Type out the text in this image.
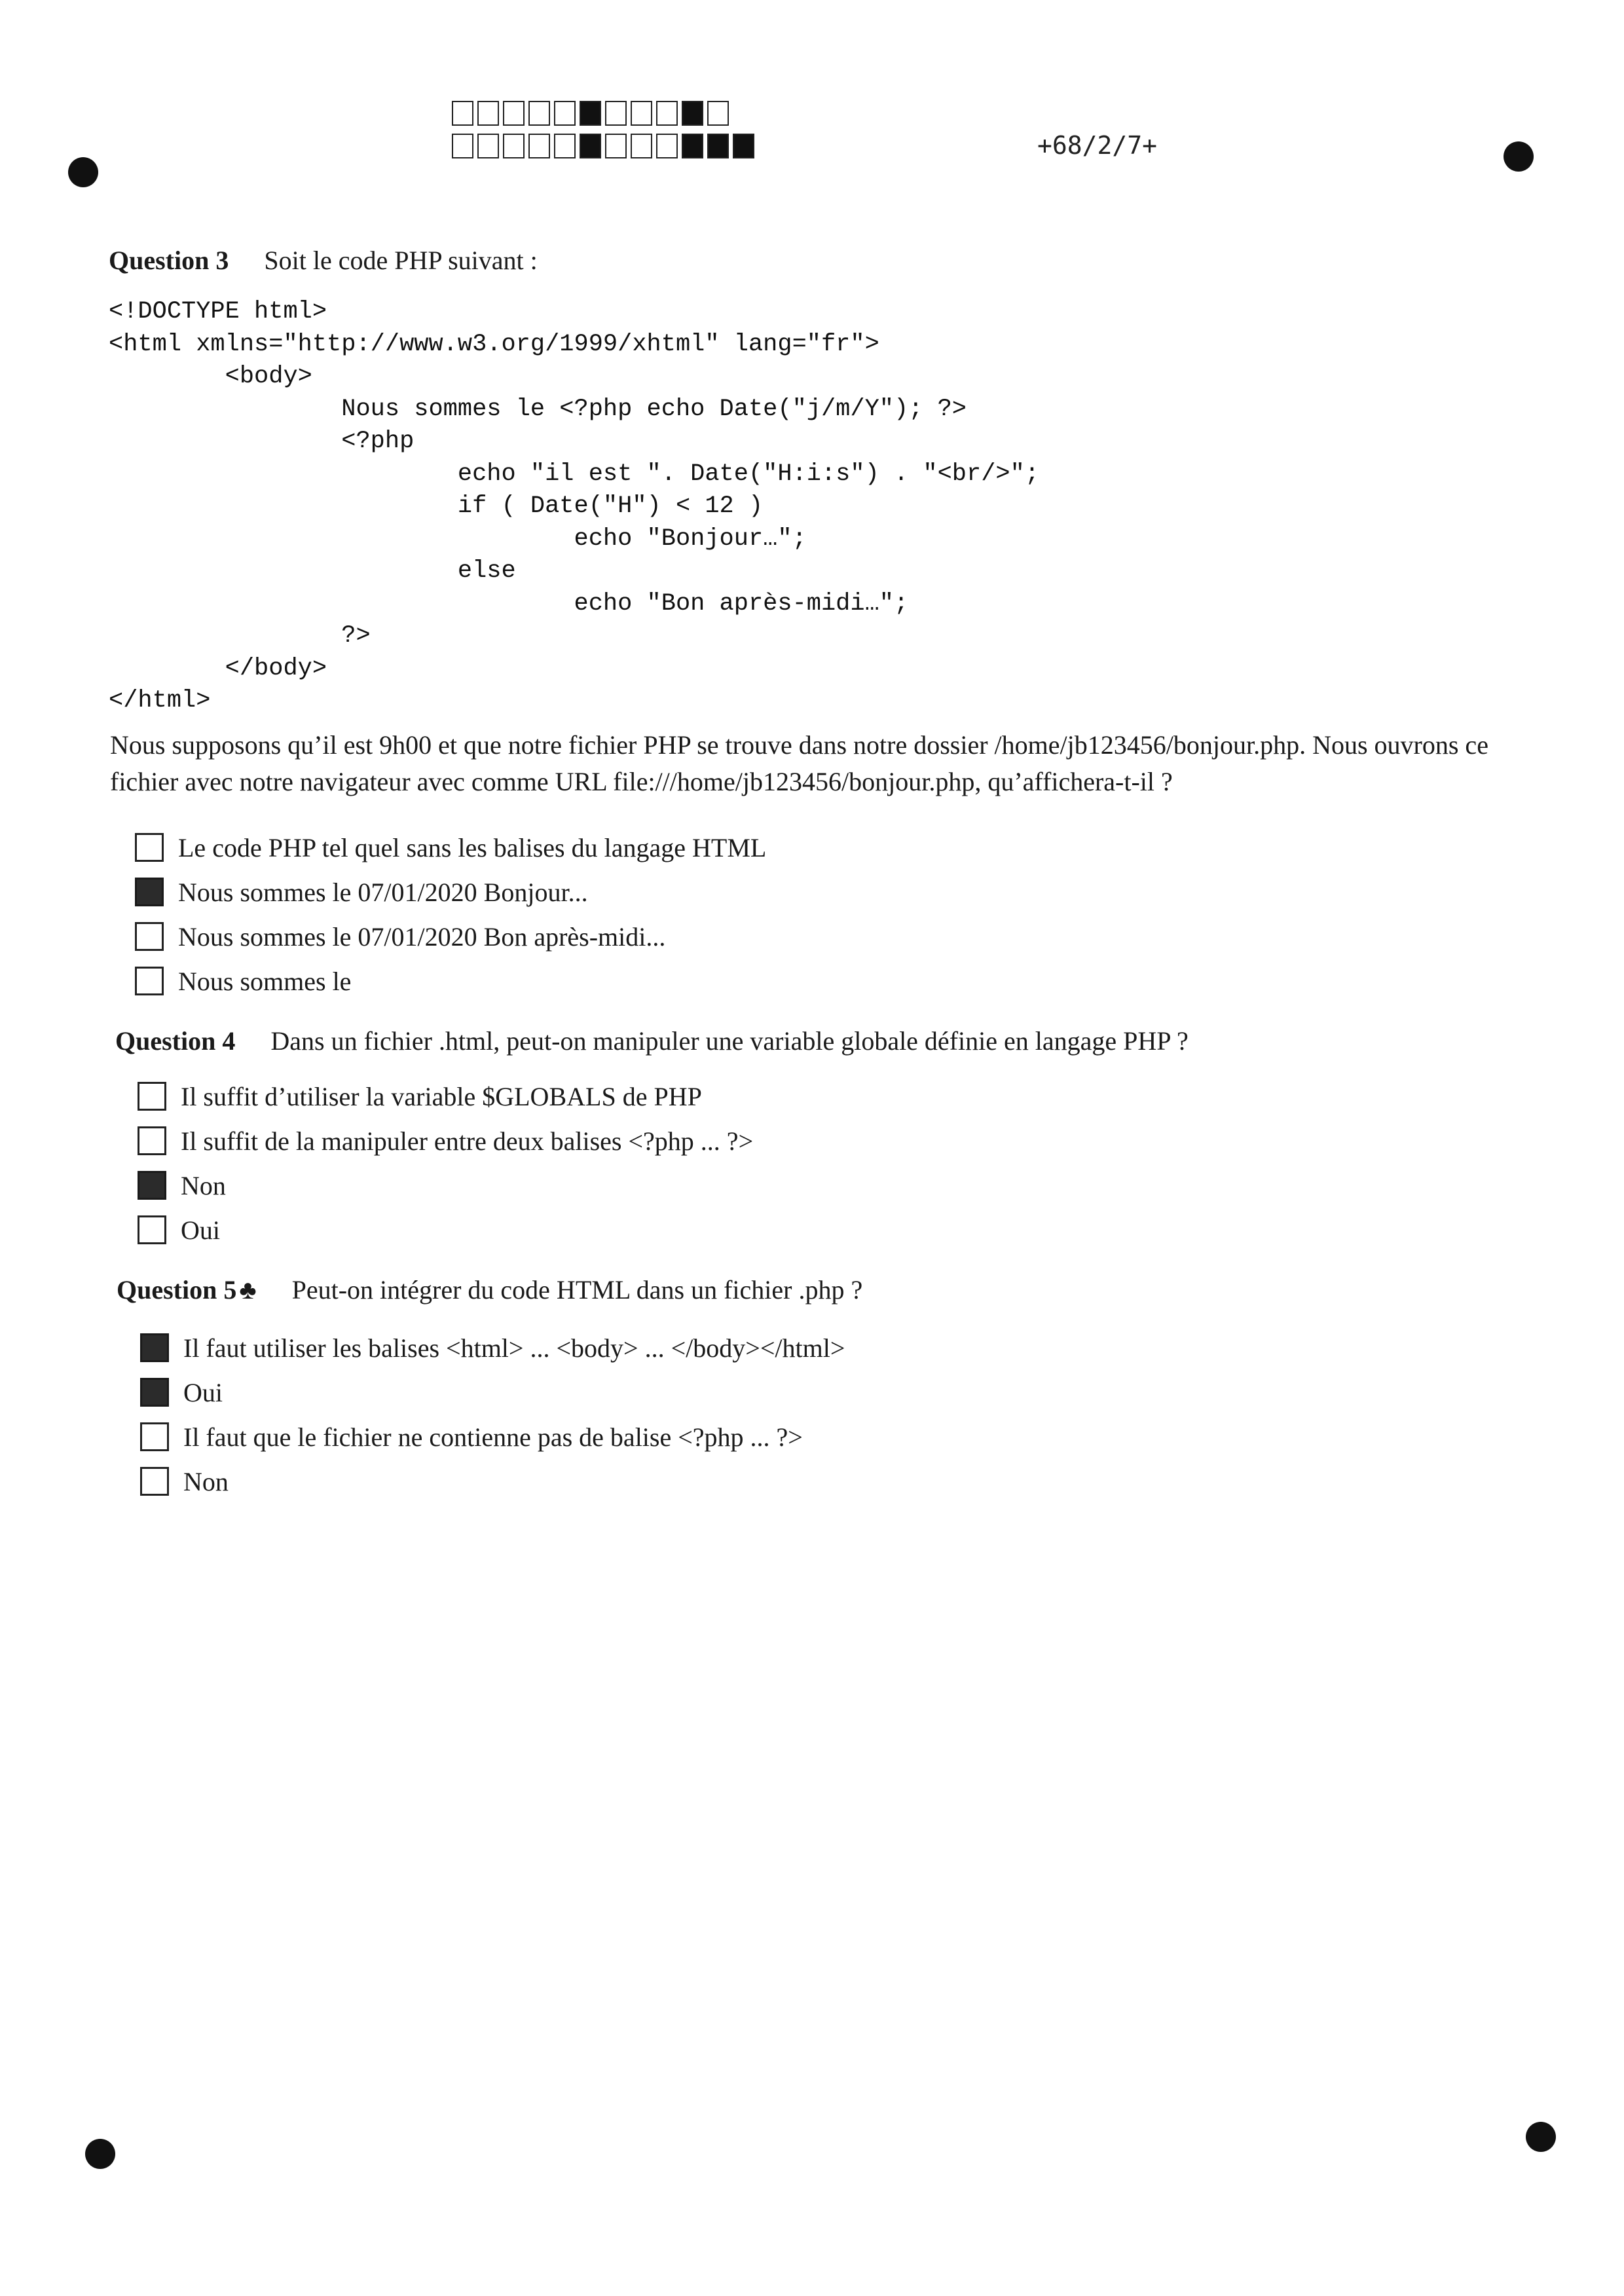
+68/2/7+
Question 3 Soit le code PHP suivant :
<!DOCTYPE html>
<html xmlns="http://www.w3.org/1999/xhtml" lang="fr">
<body>
Nous sommes le <?php echo Date("j/m/Y"); ?>
<?php
echo "il est ". Date("H:i:s") . "<br/>";
if ( Date("H") < 12 )
echo "Bonjour…";
else
echo "Bon après-midi…";
?>
</body>
</html>

Nous supposons qu’il est 9h00 et que notre fichier PHP se trouve dans notre dossier /home/jb123456/bonjour.php. Nous ouvrons ce fichier avec notre navigateur avec comme URL file:///home/jb123456/bonjour.php, qu’affichera-t-il ?

Le code PHP tel quel sans les balises du langage HTML
Nous sommes le 07/01/2020 Bonjour...
Nous sommes le 07/01/2020 Bon après-midi...
Nous sommes le
Question 4 Dans un fichier .html, peut-on manipuler une variable globale définie en langage PHP ?
Il suffit d’utiliser la variable $GLOBALS de PHP
Il suffit de la manipuler entre deux balises <?php ... ?>
Non
Oui
Question 5 ♣ Peut-on intégrer du code HTML dans un fichier .php ?
Il faut utiliser les balises <html> ... <body> ... </body></html>
Oui
Il faut que le fichier ne contienne pas de balise <?php ... ?>
Non
